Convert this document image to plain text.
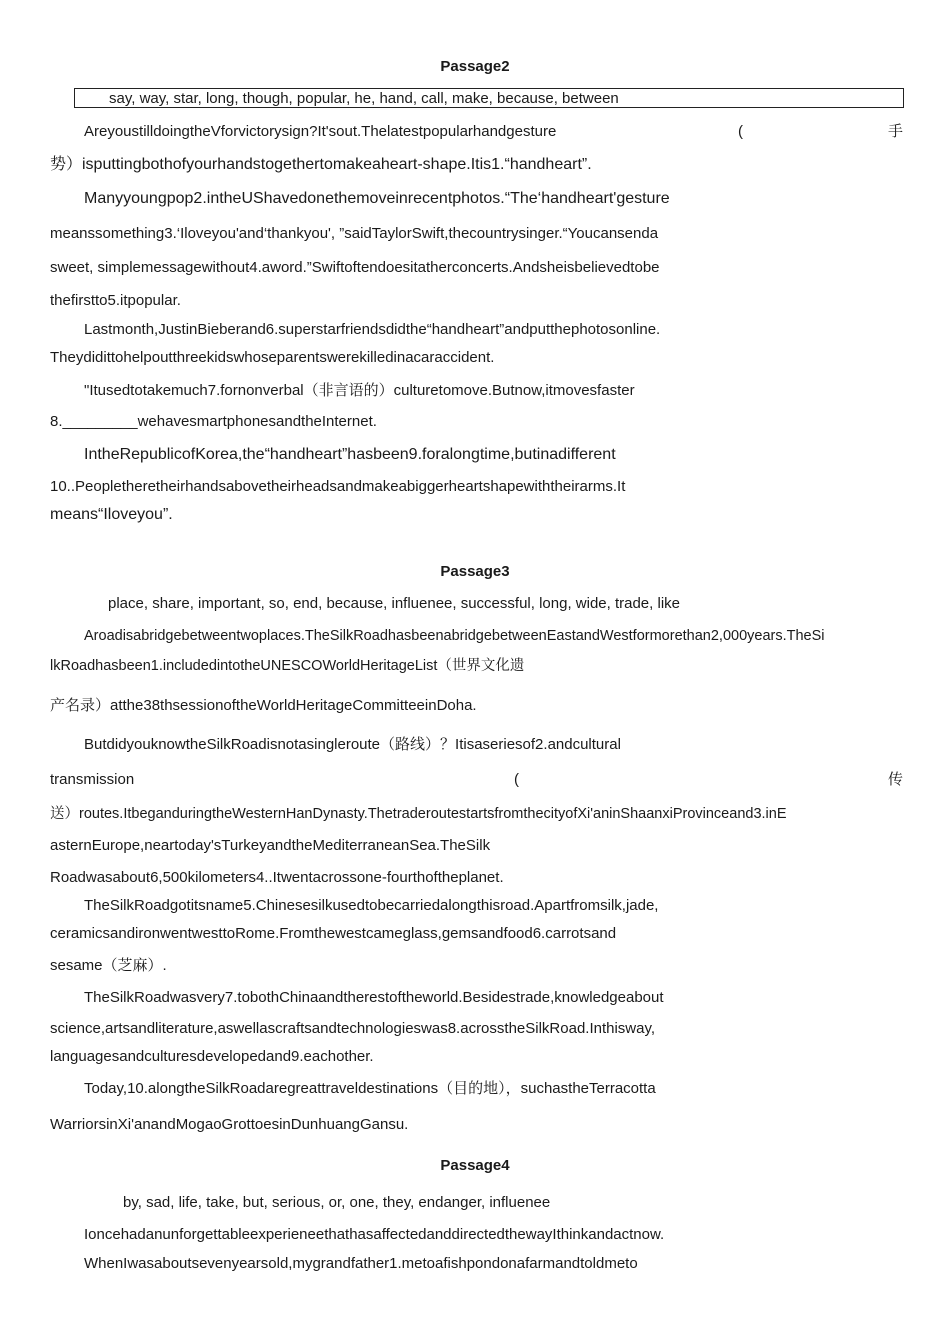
Passage2
say, way, star, long, though, popular, he, hand, call, make, because, between
AreyoustilldoingtheVforvictorysign?It'sout.Thelatestpopularhandgesture	(	手
势）isputtingbothofyourhandstogethertomakeaheart-shape.Itis1.“handheart”.
Manyyoungpop2.intheUShavedonethemoveinrecentphotos.“The‘handheart'gesture
meanssomething3.‘Iloveyou'and‘thankyou', ”saidTaylorSwift,thecountrysinger.“Youcansenda
sweet, simplemessagewithout4.aword.”Swiftoftendoesitatherconcerts.Andsheisbelievedtobe
thefirstto5.itpopular.
Lastmonth,JustinBieberand6.superstarfriendsdidthe“handheart”andputthephotosonline.
Theydidittohelpoutthreekidswhoseparentswerekilledinacaraccident.
"Itusedtotakemuch7.fornonverbal（非言语的）culturetomove.Butnow,itmovesfaster
8._________wehavesmartphonesandtheInternet.
IntheRepublicofKorea,the“handheart”hasbeen9.foralongtime,butinadifferent
10..Peopletheretheirhandsabovetheirheadsandmakeabiggerheartshapewiththeirarms.It
means“Iloveyou”.
Passage3
place, share, important, so, end, because, influenee, successful, long, wide, trade, like
Aroadisabridgebetweentwoplaces.TheSilkRoadhasbeenabridgebetweenEastandWestformorethan2,000years.TheSi
lkRoadhasbeen1.includedintotheUNESCOWorldHeritageList（世界文化遗
产名录）atthe38thsessionoftheWorldHeritageCommitteeinDoha.
ButdidyouknowtheSilkRoadisnotasingleroute（路线）？Itisaseriesof2.andcultural
transmission	(	传
送）routes.ItbeganduringtheWesternHanDynasty.ThetraderoutestartsfromthecityofXi'aninShaanxiProvinceand3.inE
asternEurope,neartoday'sTurkeyandtheMediterraneanSea.TheSilk
Roadwasabout6,500kilometers4..Itwentacrossone-fourthoftheplanet.
TheSilkRoadgotitsname5.Chinesesilkusedtobecarriedalongthisroad.Apartfromsilk,jade,
ceramicsandironwentwesttoRome.Fromthewestcameglass,gemsandfood6.carrotsand
sesame（芝麻）.
TheSilkRoadwasvery7.tobothChinaandtherestoftheworld.Besidestrade,knowledgeabout
science,artsandliterature,aswellascraftsandtechnologieswas8.acrosstheSilkRoad.Inthisway,
languagesandculturesdevelopedand9.eachother.
Today,10.alongtheSilkRoadaregreattraveldestinations（目的地），suchastheTerracotta
WarriorsinXi'anandMogaoGrottoesinDunhuangGansu.
Passage4
by, sad, life, take, but, serious, or, one, they, endanger, influenee
IoncehadanunforgettableexperieneethathasaffectedanddirectedthewayIthinkandactnow.
WhenIwasaboutsevenyearsold,mygrandfather1.metoafishpondonafarmandtoldmeto
